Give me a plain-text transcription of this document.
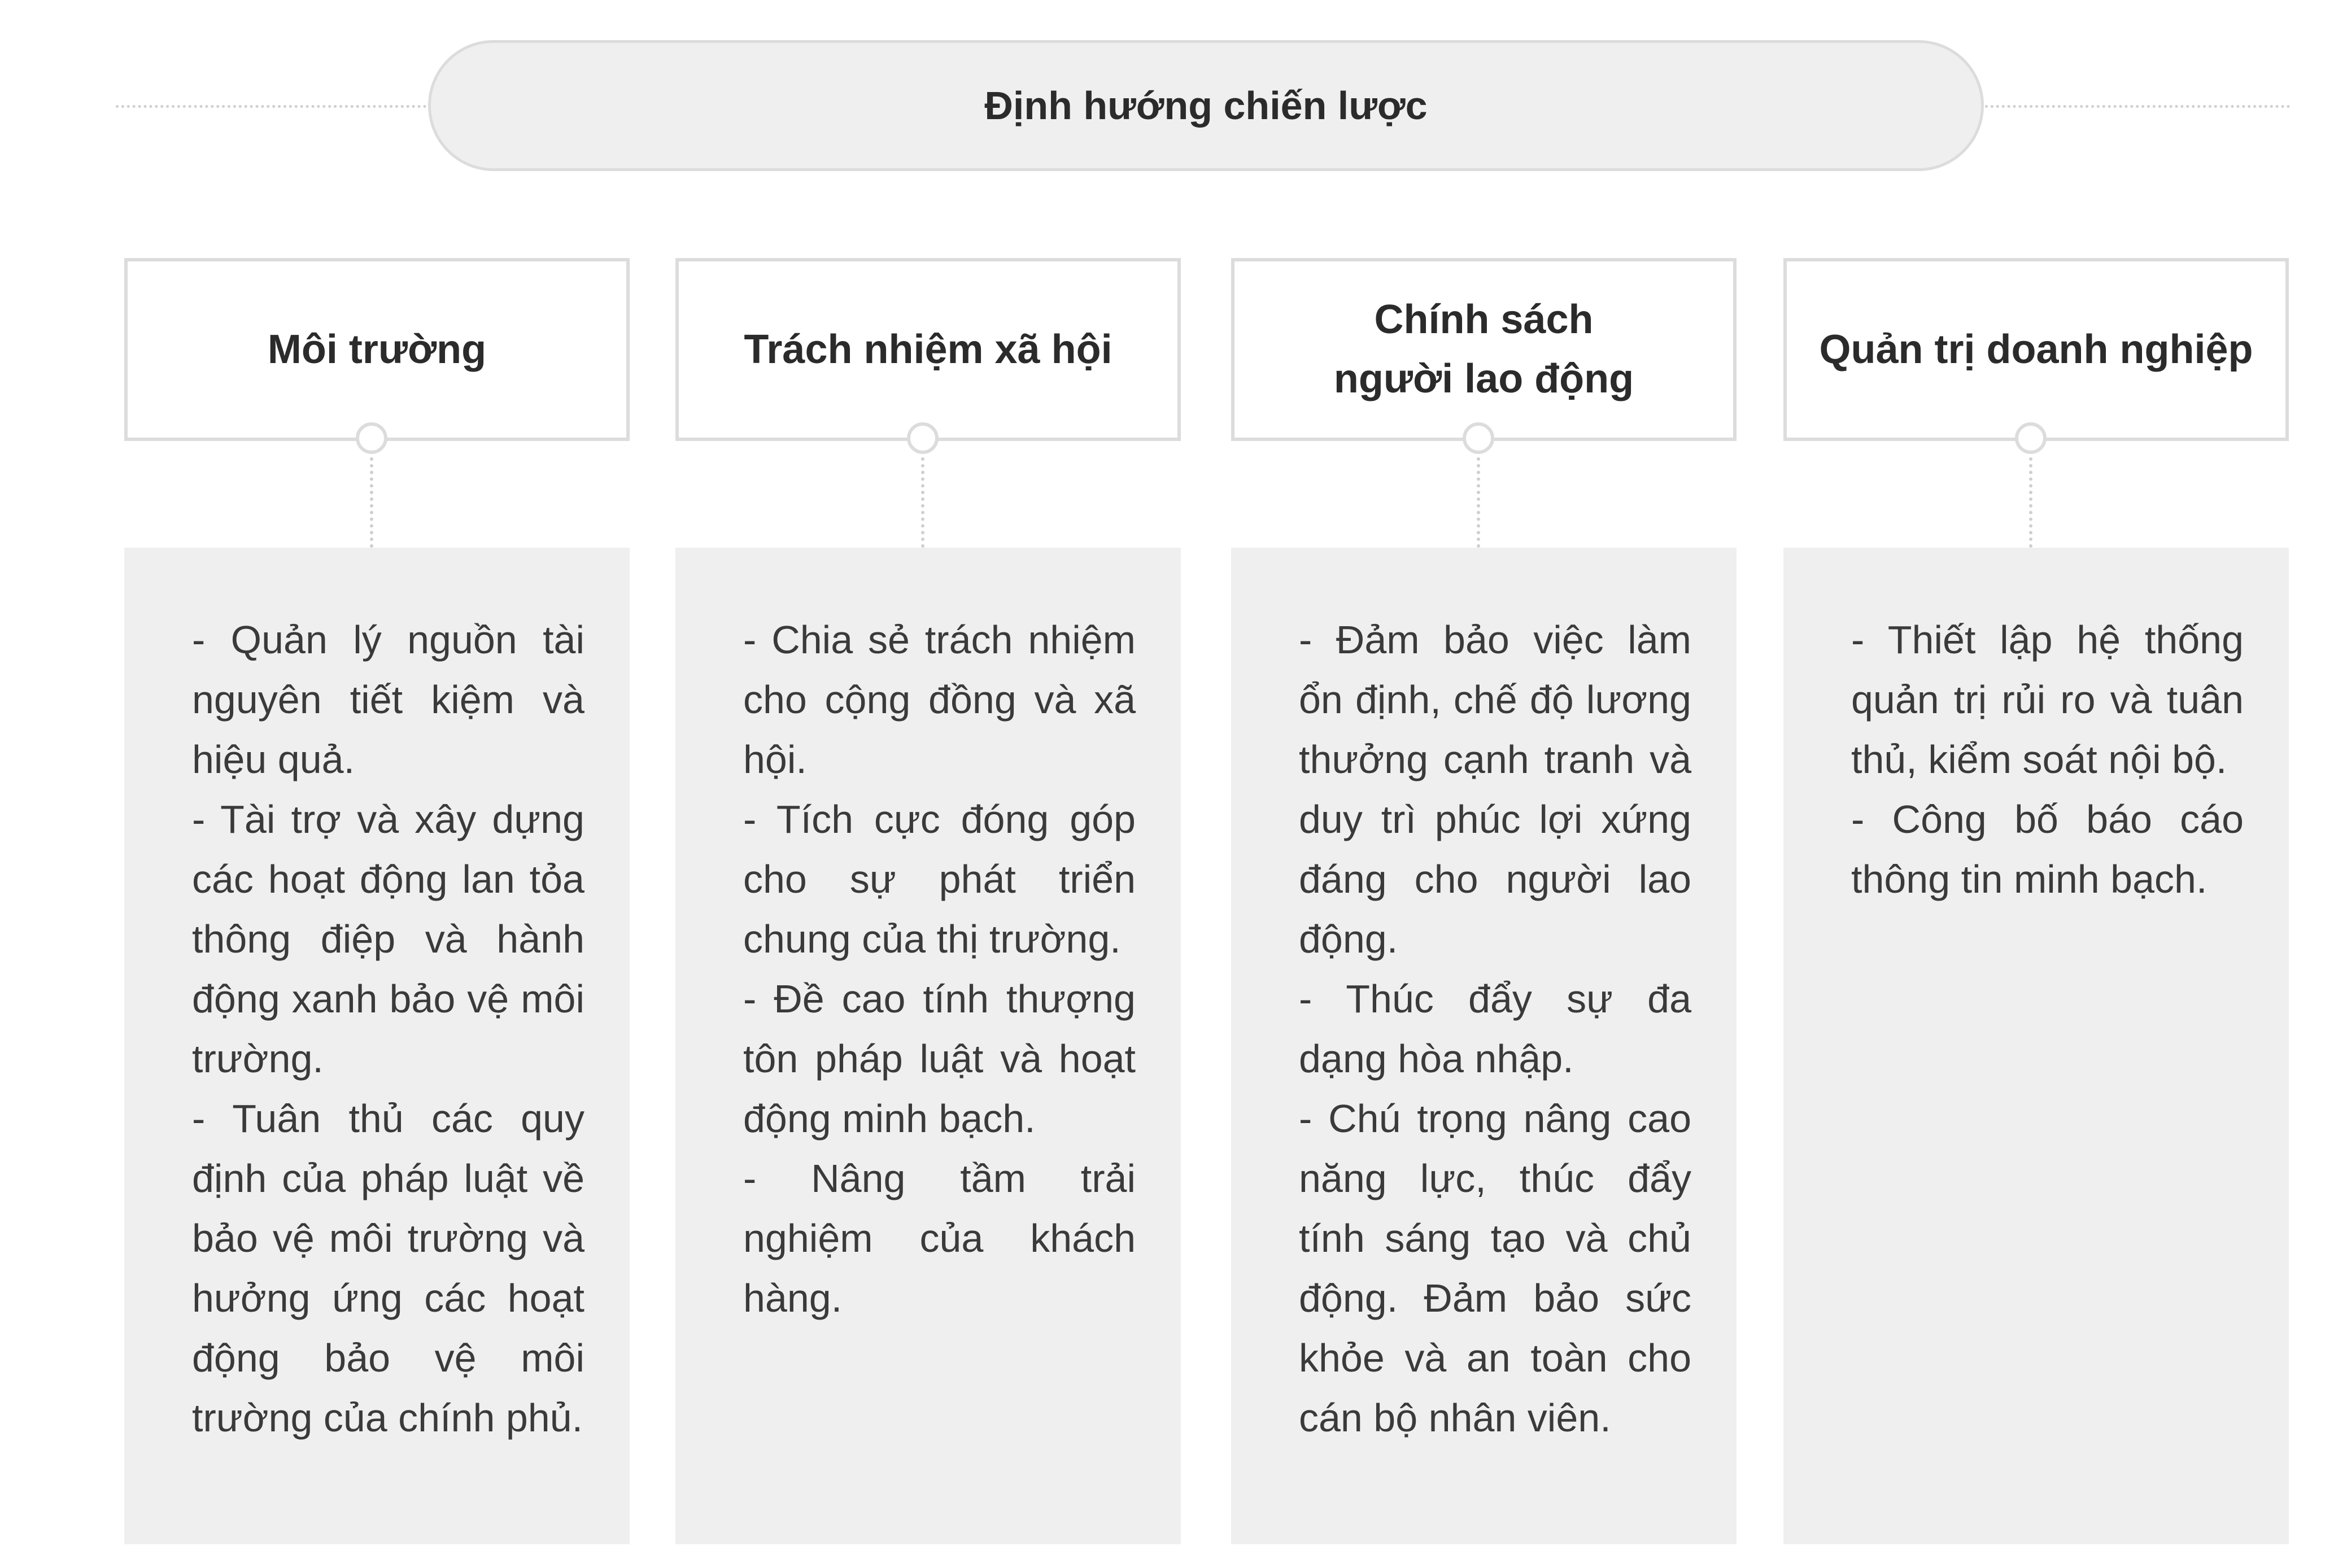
Định hướng chiến lược
Môi trường
- Quản lý nguồn tài nguyên tiết kiệm và hiệu quả.
- Tài trợ và xây dựng các hoạt động lan tỏa thông điệp và hành động xanh bảo vệ môi trường.
- Tuân thủ các quy định của pháp luật về bảo vệ môi trường và hưởng ứng các hoạt động bảo vệ môi trường của chính phủ.
Trách nhiệm xã hội
- Chia sẻ trách nhiệm cho cộng đồng và xã hội.
- Tích cực đóng góp cho sự phát triển chung của thị trường.
- Đề cao tính thượng tôn pháp luật và hoạt động minh bạch.
- Nâng tầm trải nghiệm của khách hàng.
Chính sách
người lao động
- Đảm bảo việc làm ổn định, chế độ lương thưởng cạnh tranh và duy trì phúc lợi xứng đáng cho người lao động.
- Thúc đẩy sự đa dạng hòa nhập.
- Chú trọng nâng cao năng lực, thúc đẩy tính sáng tạo và chủ động. Đảm bảo sức khỏe và an toàn cho cán bộ nhân viên.
Quản trị doanh nghiệp
- Thiết lập hệ thống quản trị rủi ro và tuân thủ, kiểm soát nội bộ.
- Công bố báo cáo thông tin minh bạch.
